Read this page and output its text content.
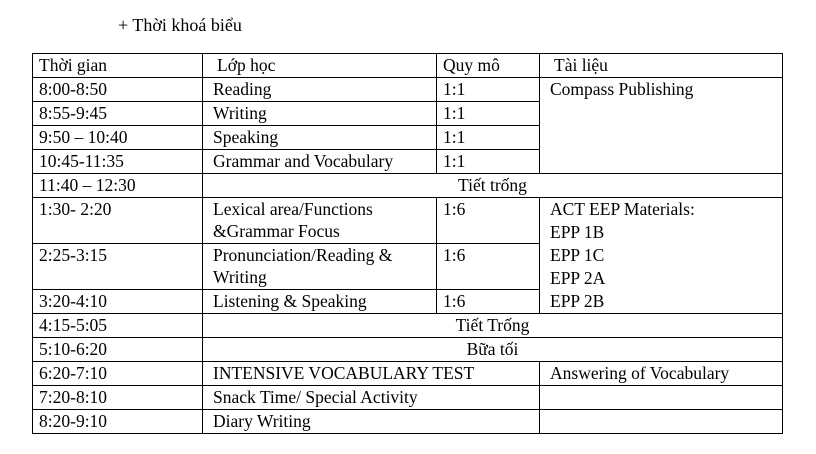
+ Thời khoá biểu
Thời gian	Lớp học	Quy mô	Tài liệu
8:00-8:50	Reading	1:1	Compass Publishing
8:55-9:45	Writing	1:1	
9:50 – 10:40	Speaking	1:1	
10:45-11:35	Grammar and Vocabulary	1:1	
11:40 – 12:30	Tiết trống		
1:30- 2:20	Lexical area/Functions &Grammar Focus	1:6	ACT EEP Materials:
EPP 1B
EPP 1C
EPP 2A
EPP 2B

2:25-3:15	Pronunciation/Reading & Writing	1:6	
3:20-4:10	Listening & Speaking	1:6	
4:15-5:05	Tiết Trống		
5:10-6:20	Bữa tối		
6:20-7:10	INTENSIVE VOCABULARY TEST		Answering of Vocabulary
7:20-8:10	Snack Time/ Special Activity		
8:20-9:10	Diary Writing		
